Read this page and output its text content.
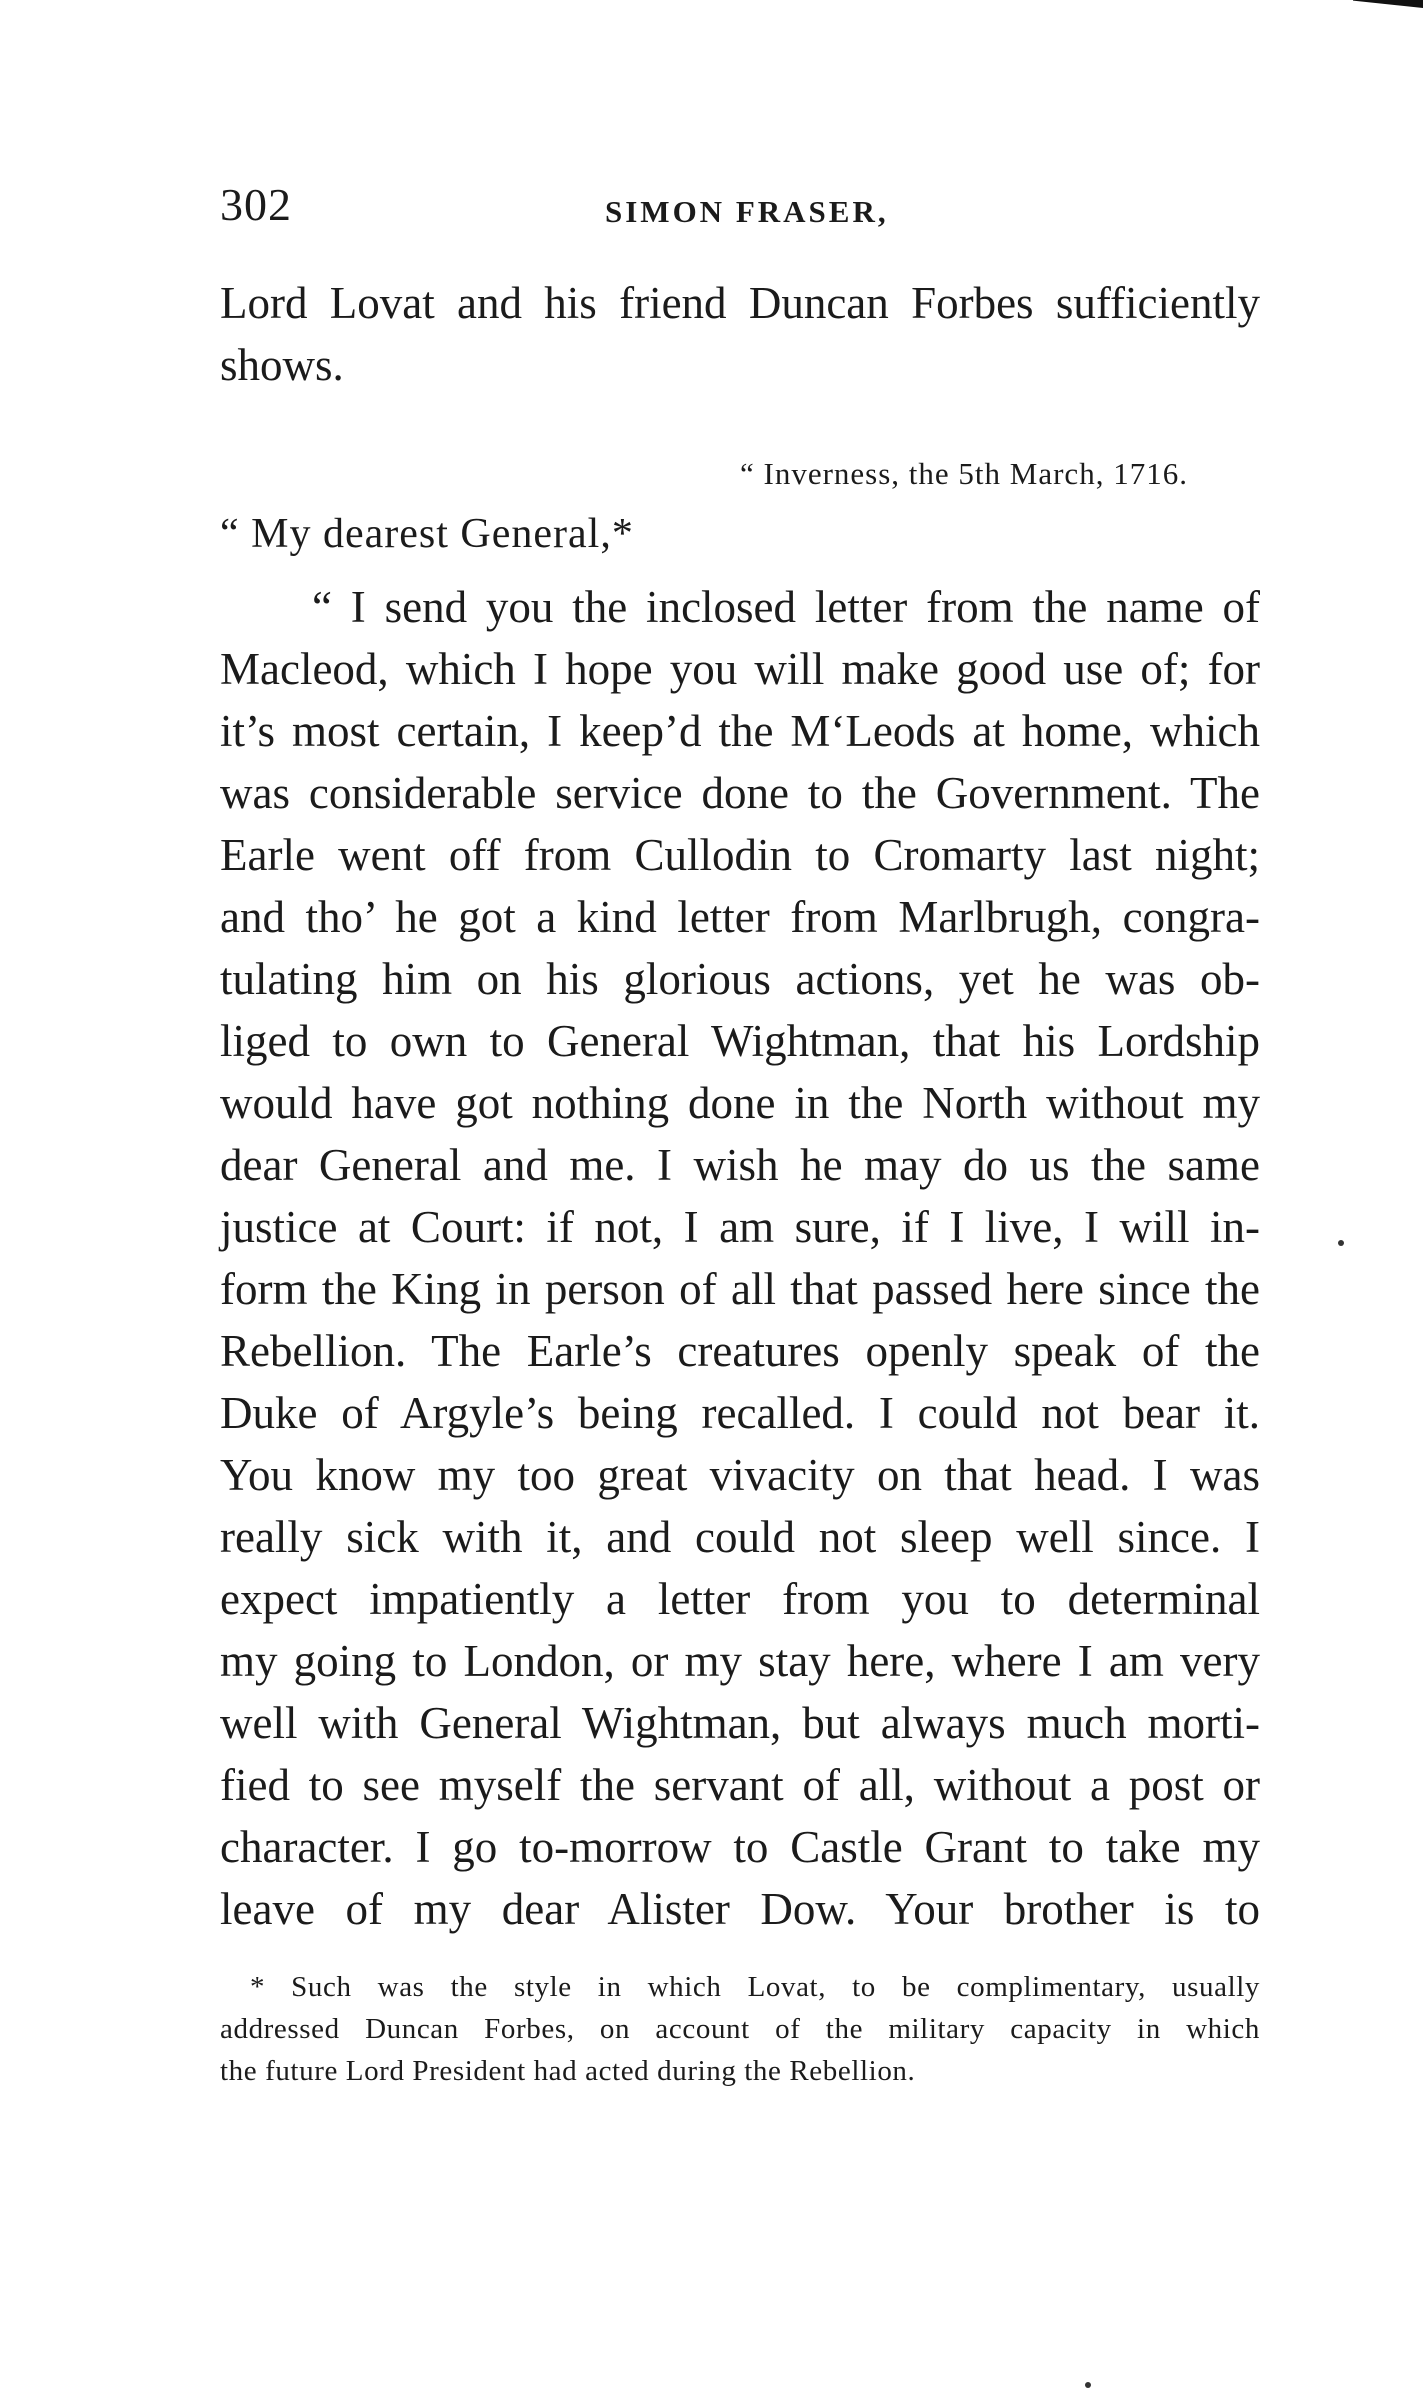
302	SIMON FRASER,
Lord Lovat and his friend Duncan Forbes sufficiently
shows.
“ Inverness, the 5th March, 1716.
“ My dearest General,*
“ I send you the inclosed letter from the name of
Macleod, which I hope you will make good use of; for
it’s most certain, I keep’d the M‘Leods at home, which
was considerable service done to the Government. The
Earle went off from Cullodin to Cromarty last night;
and tho’ he got a kind letter from Marlbrugh, congra-
tulating him on his glorious actions, yet he was ob-
liged to own to General Wightman, that his Lordship
would have got nothing done in the North without my
dear General and me. I wish he may do us the same
justice at Court: if not, I am sure, if I live, I will in-
form the King in person of all that passed here since the
Rebellion. The Earle’s creatures openly speak of the
Duke of Argyle’s being recalled. I could not bear it.
You know my too great vivacity on that head. I was
really sick with it, and could not sleep well since. I
expect impatiently a letter from you to determinal
my going to London, or my stay here, where I am very
well with General Wightman, but always much morti-
fied to see myself the servant of all, without a post or
character. I go to-morrow to Castle Grant to take my
leave of my dear Alister Dow. Your brother is to
* Such was the style in which Lovat, to be complimentary, usually
addressed Duncan Forbes, on account of the military capacity in which
the future Lord President had acted during the Rebellion.
